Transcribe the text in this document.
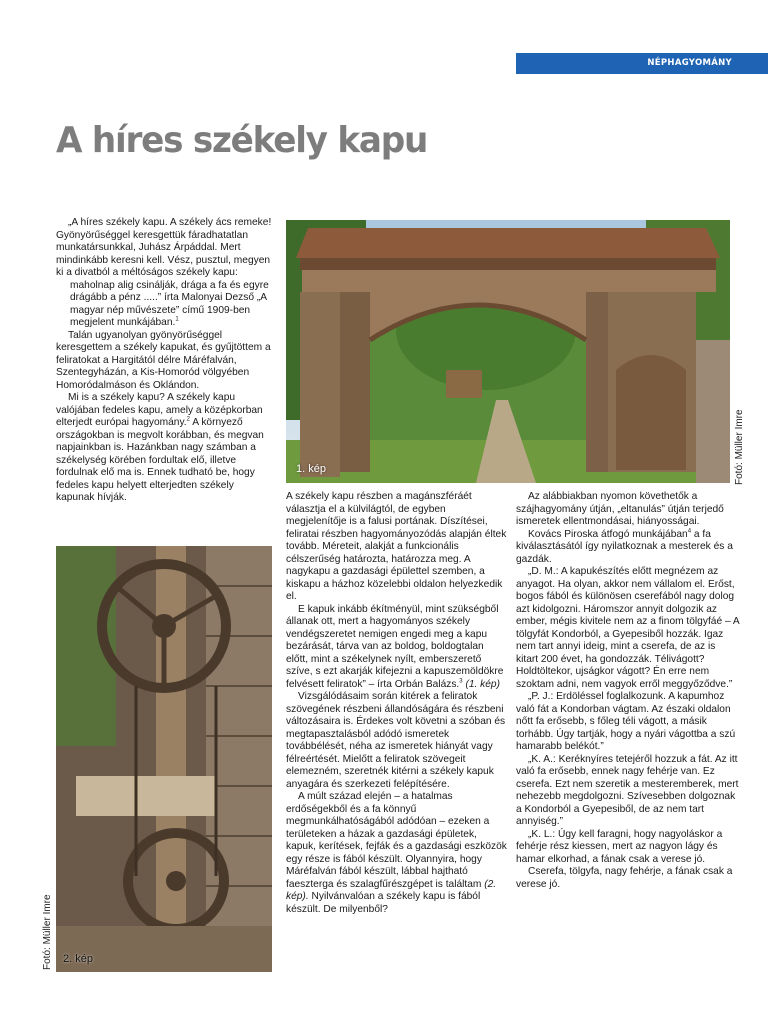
NÉPHAGYOMÁNY
A híres székely kapu

„A híres székely kapu. A székely ács remeke! Gyönyörűséggel keresgettük fáradhatatlan munkatársunkkal, Juhász Árpáddal. Mert mindinkább keresni kell. Vész, pusztul, megyen ki a divatból a méltóságos székely kapu:

maholnap alig csinálják, drága a fa és egyre drágább a pénz .....” írta Malonyai Dezső „A magyar nép művészete” című 1909-ben megjelent munkájában.$^1$

Talán ugyanolyan gyönyörűséggel keresgettem a székely kapukat, és gyűjtöttem a feliratokat a Hargitától délre Máréfalván, Szentegyházán, a Kis-Homoród völgyében Homoródalmáson és Oklándon.

Mi is a székely kapu? A székely kapu valójában fedeles kapu, amely a középkorban elterjedt európai hagyomány.$^2$ A környező országokban is megvolt korábban, és megvan napjainkban is. Hazánkban nagy számban a székelység körében fordultak elő, illetve fordulnak elő ma is. Ennek tudható be, hogy fedeles kapu helyett elterjedten székely kapunak hívják.

1. kép	Fotó: Müller Imre
2. kép
Fotó: Müller Imre

A székely kapu részben a magánszféráét választja el a külvilágtól, de egyben megjelenítője is a falusi portának. Díszítései, feliratai részben hagyományozódás alapján éltek tovább. Méreteit, alakját a funkcionális célszerűség határozta, határozza meg. A nagykapu a gazdasági épülettel szemben, a kiskapu a házhoz közelebbi oldalon helyezkedik el.

E kapuk inkább ékítményül, mint szükségből állanak ott, mert a hagyományos székely vendégszeretet nemigen engedi meg a kapu bezárását, tárva van az boldog, boldogtalan előtt, mint a székelynek nyílt, emberszerető szíve, s ezt akarják kifejezni a kapuszemöldökre felvésett feliratok” – írta Orbán Balázs.$^3$ (1. kép)

Vizsgálódásaim során kitérek a feliratok szövegének részbeni állandóságára és részbeni változásaira is. Érdekes volt követni a szóban és megtapasztalásból adódó ismeretek továbbélését, néha az ismeretek hiányát vagy félreértését. Mielőtt a feliratok szövegeit elemezném, szeretnék kitérni a székely kapuk anyagára és szerkezeti felépítésére.

A múlt század elején – a hatalmas erdőségekből és a fa könnyű megmunkálhatóságából adódóan – ezeken a területeken a házak a gazdasági épületek, kapuk, kerítések, fejfák és a gazdasági eszközök egy része is fából készült. Olyannyira, hogy Máréfalván fából készült, lábbal hajtható faeszterga és szalagfűrészgépet is találtam (2. kép). Nyilvánvalóan a székely kapu is fából készült. De milyenből?

Az alábbiakban nyomon követhetők a szájhagyomány útján, „eltanulás” útján terjedő ismeretek ellentmondásai, hiányosságai.

Kovács Piroska átfogó munkájában$^4$ a fa kiválasztásától így nyilatkoznak a mesterek és a gazdák.

„D. M.: A kapukészítés előtt megnézem az anyagot. Ha olyan, akkor nem vállalom el. Erőst, bogos fából és különösen cserefából nagy dolog azt kidolgozni. Háromszor annyit dolgozik az ember, mégis kivitele nem az a finom tölgyfáé – A tölgyfát Kondorból, a Gyepesiből hozzák. Igaz nem tart annyi ideig, mint a cserefa, de az is kitart 200 évet, ha gondozzák. Télivágott? Holdtöltekor, ujságkor vágott? Én erre nem szoktam adni, nem vagyok erről meggyőződve.”

„P. J.: Erdöléssel foglalkozunk. A kapumhoz való fát a Kondorban vágtam. Az északi oldalon nőtt fa erősebb, s főleg téli vágott, a másik torhább. Úgy tartják, hogy a nyári vágottba a szú hamarabb belékót.”

„K. A.: Keréknyíres tetejéről hozzuk a fát. Az itt való fa erősebb, ennek nagy fehérje van. Ez cserefa. Ezt nem szeretik a mesteremberek, mert nehezebb megdolgozni. Szívesebben dolgoznak a Kondorból a Gyepesiből, de az nem tart annyiség.”

„K. L.: Úgy kell faragni, hogy nagyoláskor a fehérje rész kiessen, mert az nagyon lágy és hamar elkorhad, a fának csak a verese jó.

Cserefa, tölgyfa, nagy fehérje, a fának csak a verese jó.
